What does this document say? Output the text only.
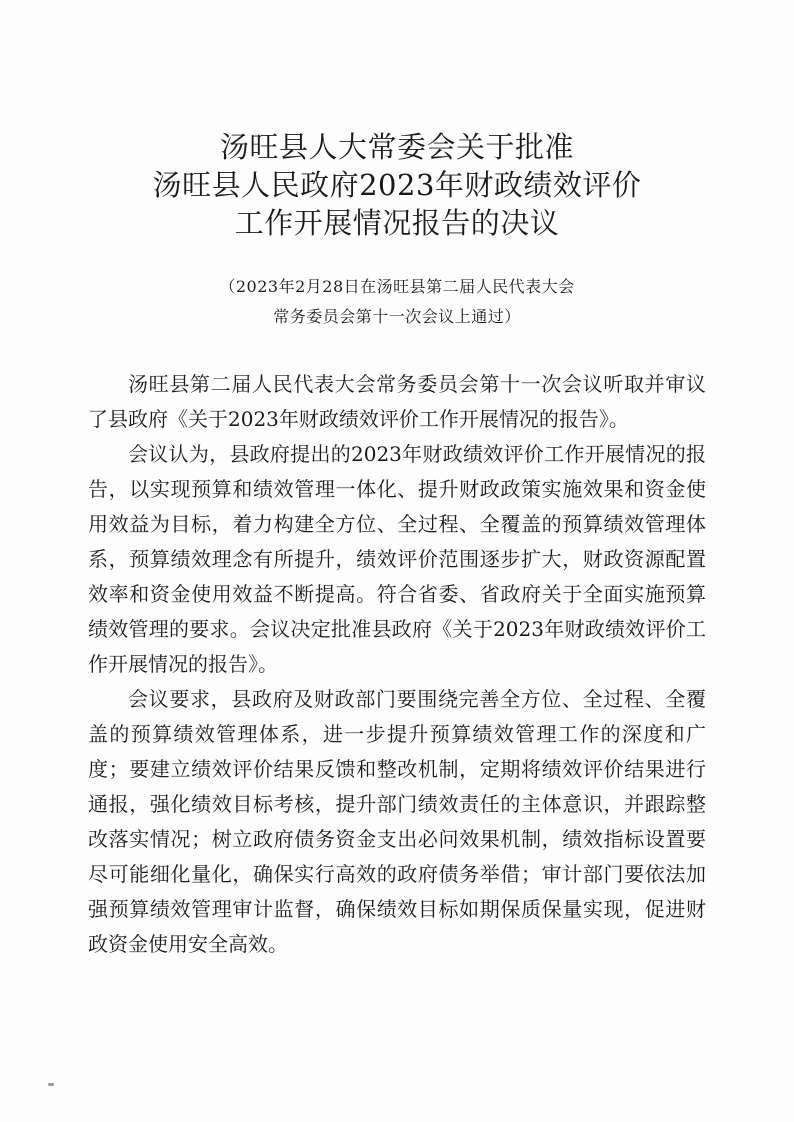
汤旺县人大常委会关于批准
汤旺县人民政府2023年财政绩效评价
工作开展情况报告的决议
（2023年2月28日在汤旺县第二届人民代表大会
常务委员会第十一次会议上通过）

汤旺县第二届人民代表大会常务委员会第十一次会议听取并审议了县政府《关于2023年财政绩效评价工作开展情况的报告》。

会议认为，县政府提出的2023年财政绩效评价工作开展情况的报告，以实现预算和绩效管理一体化、提升财政政策实施效果和资金使用效益为目标，着力构建全方位、全过程、全覆盖的预算绩效管理体系，预算绩效理念有所提升，绩效评价范围逐步扩大，财政资源配置效率和资金使用效益不断提高。符合省委、省政府关于全面实施预算绩效管理的要求。会议决定批准县政府《关于2023年财政绩效评价工作开展情况的报告》。

会议要求，县政府及财政部门要围绕完善全方位、全过程、全覆盖的预算绩效管理体系，进一步提升预算绩效管理工作的深度和广度；要建立绩效评价结果反馈和整改机制，定期将绩效评价结果进行通报，强化绩效目标考核，提升部门绩效责任的主体意识，并跟踪整改落实情况；树立政府债务资金支出必问效果机制，绩效指标设置要尽可能细化量化，确保实行高效的政府债务举借；审计部门要依法加强预算绩效管理审计监督，确保绩效目标如期保质保量实现，促进财政资金使用安全高效。
